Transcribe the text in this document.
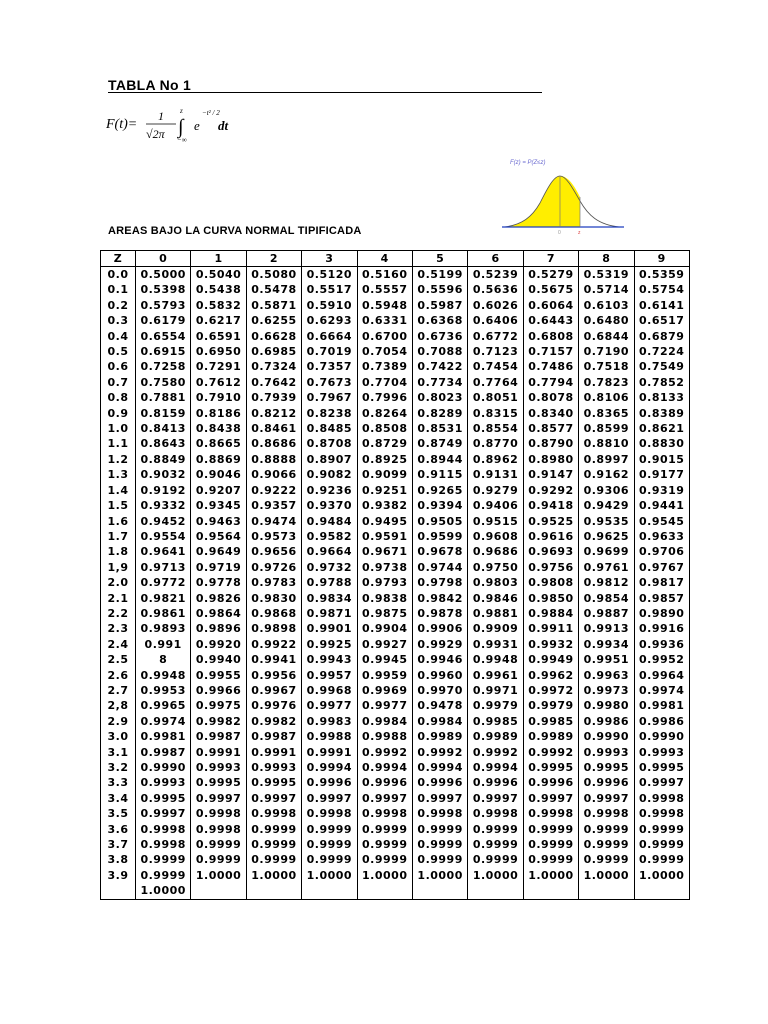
TABLA No 1
F(t)=
1
√2π
z
∫
−∞
e
−t² / 2
dt
F(z) = P(Z≤z)
0	z
AREAS BAJO LA CURVA NORMAL TIPIFICADA
Z	0	1	2	3	4	5	6	7	8	9
0.0	0.5000	0.5040	0.5080	0.5120	0.5160	0.5199	0.5239	0.5279	0.5319	0.5359
0.1	0.5398	0.5438	0.5478	0.5517	0.5557	0.5596	0.5636	0.5675	0.5714	0.5754
0.2	0.5793	0.5832	0.5871	0.5910	0.5948	0.5987	0.6026	0.6064	0.6103	0.6141
0.3	0.6179	0.6217	0.6255	0.6293	0.6331	0.6368	0.6406	0.6443	0.6480	0.6517
0.4	0.6554	0.6591	0.6628	0.6664	0.6700	0.6736	0.6772	0.6808	0.6844	0.6879
0.5	0.6915	0.6950	0.6985	0.7019	0.7054	0.7088	0.7123	0.7157	0.7190	0.7224
0.6	0.7258	0.7291	0.7324	0.7357	0.7389	0.7422	0.7454	0.7486	0.7518	0.7549
0.7	0.7580	0.7612	0.7642	0.7673	0.7704	0.7734	0.7764	0.7794	0.7823	0.7852
0.8	0.7881	0.7910	0.7939	0.7967	0.7996	0.8023	0.8051	0.8078	0.8106	0.8133
0.9	0.8159	0.8186	0.8212	0.8238	0.8264	0.8289	0.8315	0.8340	0.8365	0.8389
1.0	0.8413	0.8438	0.8461	0.8485	0.8508	0.8531	0.8554	0.8577	0.8599	0.8621
1.1	0.8643	0.8665	0.8686	0.8708	0.8729	0.8749	0.8770	0.8790	0.8810	0.8830
1.2	0.8849	0.8869	0.8888	0.8907	0.8925	0.8944	0.8962	0.8980	0.8997	0.9015
1.3	0.9032	0.9046	0.9066	0.9082	0.9099	0.9115	0.9131	0.9147	0.9162	0.9177
1.4	0.9192	0.9207	0.9222	0.9236	0.9251	0.9265	0.9279	0.9292	0.9306	0.9319
1.5	0.9332	0.9345	0.9357	0.9370	0.9382	0.9394	0.9406	0.9418	0.9429	0.9441
1.6	0.9452	0.9463	0.9474	0.9484	0.9495	0.9505	0.9515	0.9525	0.9535	0.9545
1.7	0.9554	0.9564	0.9573	0.9582	0.9591	0.9599	0.9608	0.9616	0.9625	0.9633
1.8	0.9641	0.9649	0.9656	0.9664	0.9671	0.9678	0.9686	0.9693	0.9699	0.9706
1,9	0.9713	0.9719	0.9726	0.9732	0.9738	0.9744	0.9750	0.9756	0.9761	0.9767
2.0	0.9772	0.9778	0.9783	0.9788	0.9793	0.9798	0.9803	0.9808	0.9812	0.9817
2.1	0.9821	0.9826	0.9830	0.9834	0.9838	0.9842	0.9846	0.9850	0.9854	0.9857
2.2	0.9861	0.9864	0.9868	0.9871	0.9875	0.9878	0.9881	0.9884	0.9887	0.9890
2.3	0.9893	0.9896	0.9898	0.9901	0.9904	0.9906	0.9909	0.9911	0.9913	0.9916
2.4	0.991	0.9920	0.9922	0.9925	0.9927	0.9929	0.9931	0.9932	0.9934	0.9936
2.5	8	0.9940	0.9941	0.9943	0.9945	0.9946	0.9948	0.9949	0.9951	0.9952
2.6	0.9948	0.9955	0.9956	0.9957	0.9959	0.9960	0.9961	0.9962	0.9963	0.9964
2.7	0.9953	0.9966	0.9967	0.9968	0.9969	0.9970	0.9971	0.9972	0.9973	0.9974
2,8	0.9965	0.9975	0.9976	0.9977	0.9977	0.9478	0.9979	0.9979	0.9980	0.9981
2.9	0.9974	0.9982	0.9982	0.9983	0.9984	0.9984	0.9985	0.9985	0.9986	0.9986
3.0	0.9981	0.9987	0.9987	0.9988	0.9988	0.9989	0.9989	0.9989	0.9990	0.9990
3.1	0.9987	0.9991	0.9991	0.9991	0.9992	0.9992	0.9992	0.9992	0.9993	0.9993
3.2	0.9990	0.9993	0.9993	0.9994	0.9994	0.9994	0.9994	0.9995	0.9995	0.9995
3.3	0.9993	0.9995	0.9995	0.9996	0.9996	0.9996	0.9996	0.9996	0.9996	0.9997
3.4	0.9995	0.9997	0.9997	0.9997	0.9997	0.9997	0.9997	0.9997	0.9997	0.9998
3.5	0.9997	0.9998	0.9998	0.9998	0.9998	0.9998	0.9998	0.9998	0.9998	0.9998
3.6	0.9998	0.9998	0.9999	0.9999	0.9999	0.9999	0.9999	0.9999	0.9999	0.9999
3.7	0.9998	0.9999	0.9999	0.9999	0.9999	0.9999	0.9999	0.9999	0.9999	0.9999
3.8	0.9999	0.9999	0.9999	0.9999	0.9999	0.9999	0.9999	0.9999	0.9999	0.9999
3.9	0.9999	1.0000	1.0000	1.0000	1.0000	1.0000	1.0000	1.0000	1.0000	1.0000
	1.0000									
